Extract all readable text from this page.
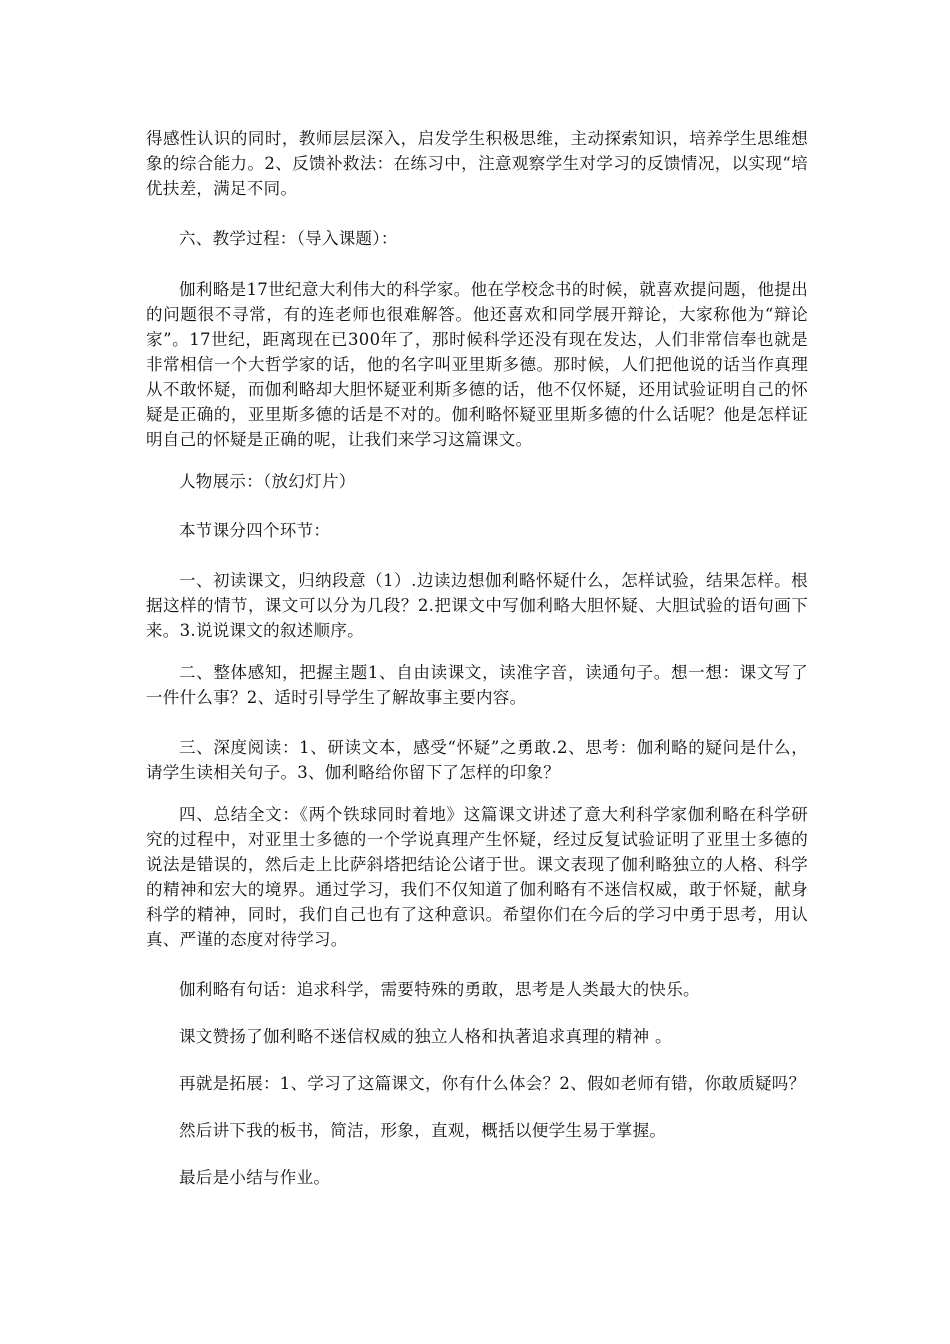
得感性认识的同时，教师层层深入，启发学生积极思维，主动探索知识，培养学生思维想象的综合能力。2、反馈补救法：在练习中，注意观察学生对学习的反馈情况，以实现“培优扶差，满足不同。

六、教学过程：（导入课题）：

伽利略是17世纪意大利伟大的科学家。他在学校念书的时候，就喜欢提问题，他提出的问题很不寻常，有的连老师也很难解答。他还喜欢和同学展开辩论，大家称他为“辩论家”。17世纪，距离现在已300年了，那时候科学还没有现在发达，人们非常信奉也就是非常相信一个大哲学家的话，他的名字叫亚里斯多德。那时候，人们把他说的话当作真理从不敢怀疑，而伽利略却大胆怀疑亚利斯多德的话，他不仅怀疑，还用试验证明自己的怀疑是正确的，亚里斯多德的话是不对的。伽利略怀疑亚里斯多德的什么话呢？他是怎样证明自己的怀疑是正确的呢，让我们来学习这篇课文。

人物展示：（放幻灯片）

本节课分四个环节：

一、初读课文，归纳段意（1）.边读边想伽利略怀疑什么，怎样试验，结果怎样。根据这样的情节，课文可以分为几段？2.把课文中写伽利略大胆怀疑、大胆试验的语句画下来。3.说说课文的叙述顺序。

二、整体感知，把握主题1、自由读课文，读准字音，读通句子。想一想：课文写了一件什么事？2、适时引导学生了解故事主要内容。

三、深度阅读：1、研读文本，感受“怀疑”之勇敢.2、思考：伽利略的疑问是什么，请学生读相关句子。3、伽利略给你留下了怎样的印象？

四、总结全文：《两个铁球同时着地》这篇课文讲述了意大利科学家伽利略在科学研究的过程中，对亚里士多德的一个学说真理产生怀疑，经过反复试验证明了亚里士多德的说法是错误的，然后走上比萨斜塔把结论公诸于世。课文表现了伽利略独立的人格、科学的精神和宏大的境界。通过学习，我们不仅知道了伽利略有不迷信权威，敢于怀疑，献身科学的精神，同时，我们自己也有了这种意识。希望你们在今后的学习中勇于思考，用认真、严谨的态度对待学习。

伽利略有句话：追求科学，需要特殊的勇敢，思考是人类最大的快乐。

课文赞扬了伽利略不迷信权威的独立人格和执著追求真理的精神 。

再就是拓展：1、学习了这篇课文，你有什么体会？2、假如老师有错，你敢质疑吗？

然后讲下我的板书，简洁，形象，直观，概括以便学生易于掌握。

最后是小结与作业。
